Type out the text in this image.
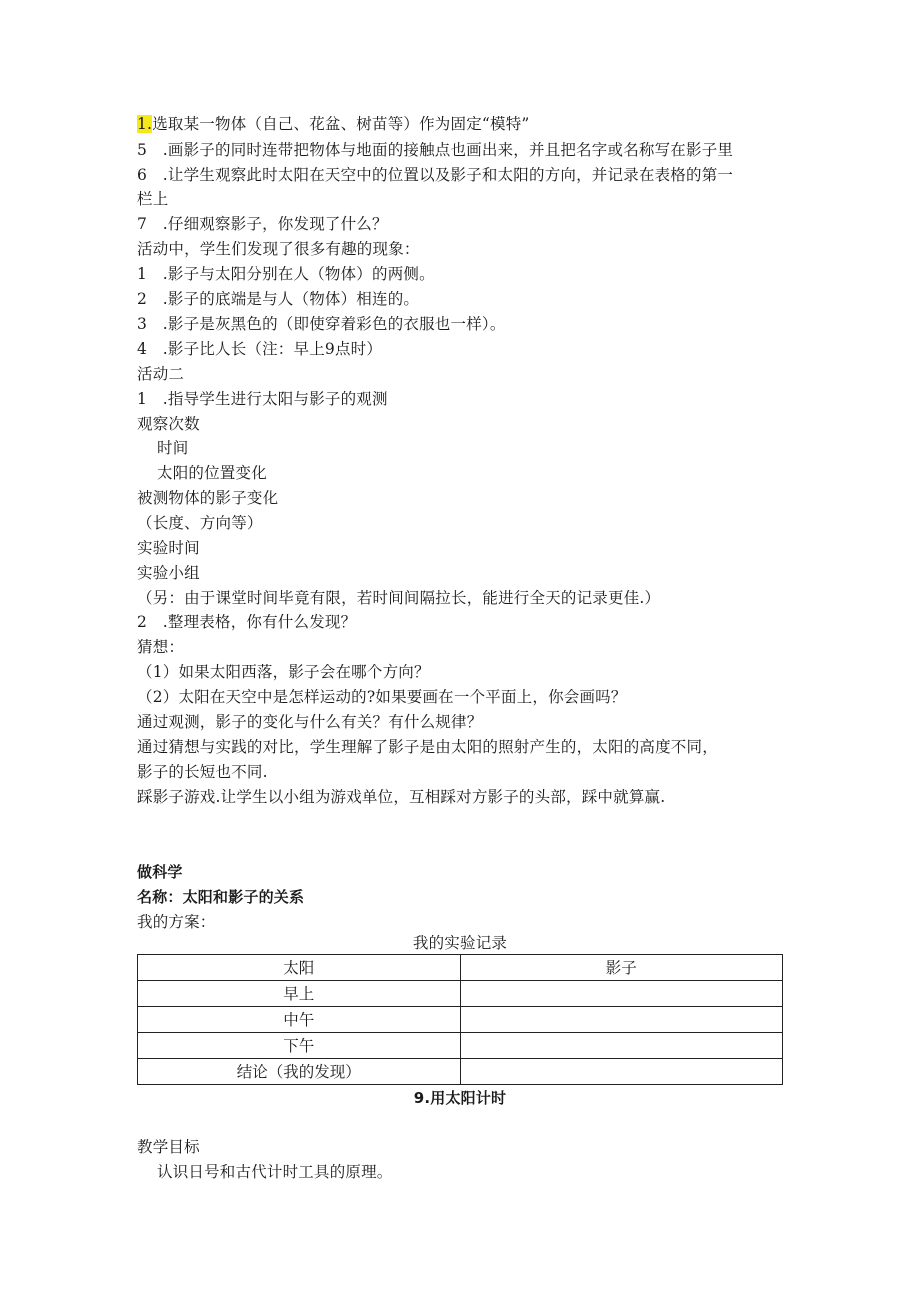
1.选取某一物体（自己、花盆、树苗等）作为固定“模特”
5　.画影子的同时连带把物体与地面的接触点也画出来，并且把名字或名称写在影子里
6　.让学生观察此时太阳在天空中的位置以及影子和太阳的方向，并记录在表格的第一
栏上
7　.仔细观察影子，你发现了什么？
活动中，学生们发现了很多有趣的现象：
1　.影子与太阳分别在人（物体）的两侧。
2　.影子的底端是与人（物体）相连的。
3　.影子是灰黑色的（即使穿着彩色的衣服也一样）。
4　.影子比人长（注：早上9点时）
活动二
1　.指导学生进行太阳与影子的观测
观察次数
时间
太阳的位置变化
被测物体的影子变化
（长度、方向等）
实验时间
实验小组
（另：由于课堂时间毕竟有限，若时间间隔拉长，能进行全天的记录更佳.）
2　.整理表格，你有什么发现？
猜想：
（1）如果太阳西落，影子会在哪个方向？
（2）太阳在天空中是怎样运动的?如果要画在一个平面上，你会画吗？
通过观测，影子的变化与什么有关？有什么规律？
通过猜想与实践的对比，学生理解了影子是由太阳的照射产生的，太阳的高度不同，
影子的长短也不同.
踩影子游戏.让学生以小组为游戏单位，互相踩对方影子的头部，踩中就算赢.
做科学
名称：太阳和影子的关系
我的方案：
我的实验记录
太阳	影子
早上	
中午	
下午	
结论（我的发现）	
9.用太阳计时
教学目标
认识日号和古代计时工具的原理。
